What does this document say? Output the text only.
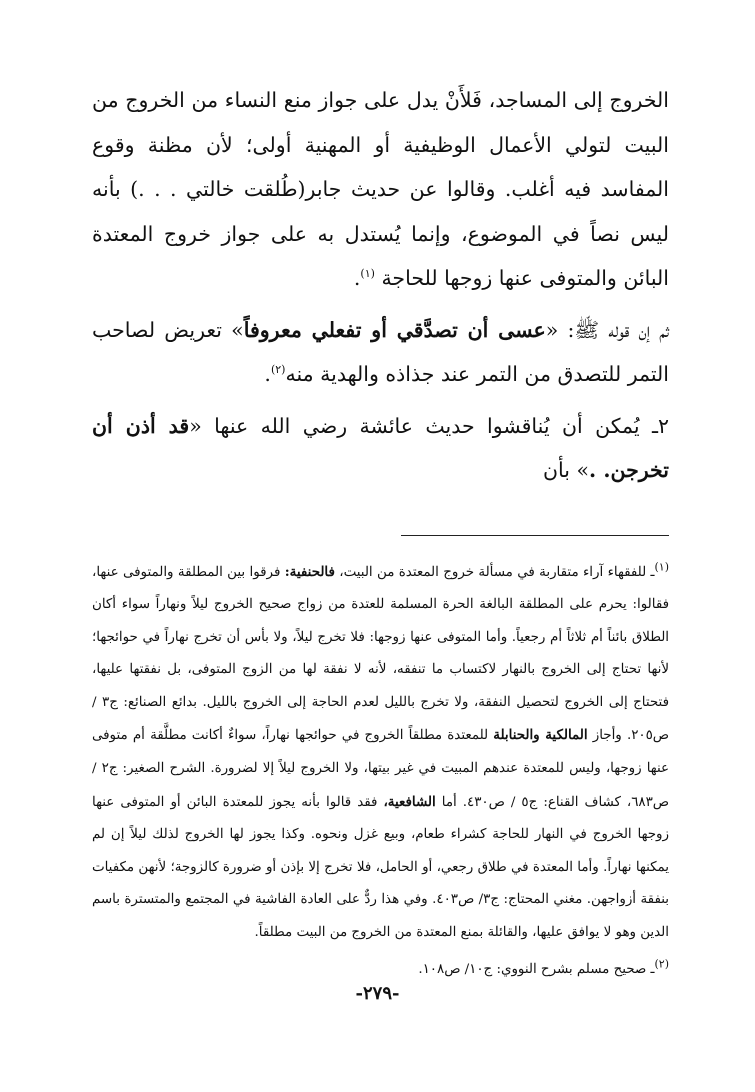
الخروج إلى المساجد، فَلأَنْ يدل على جواز منع النساء من الخروج من البيت لتولي الأعمال الوظيفية أو المهنية أولى؛ لأن مظنة وقوع المفاسد فيه أغلب. وقالوا عن حديث جابر(طُلقت خالتي . . .) بأنه ليس نصاً في الموضوع، وإنما يُستدل به على جواز خروج المعتدة البائن والمتوفى عنها زوجها للحاجة $^{(١)}$.

ثم إن قوله ﷺ: «عسى أن تصدَّقي أو تفعلي معروفاً» تعريض لصاحب التمر للتصدق من التمر عند جذاذه والهدية منه$^{(٢)}$.

٢ـ يُمكن أن يُناقشوا حديث عائشة رضي الله عنها «قد أذن أن تخرجن. .» بأن

$^{(١)}$ـ للفقهاء آراء متقاربة في مسألة خروج المعتدة من البيت، فالحنفية: فرقوا بين المطلقة والمتوفى عنها، فقالوا: يحرم على المطلقة البالغة الحرة المسلمة للعتدة من زواج صحيح الخروج ليلاً ونهاراً سواء أكان الطلاق بائناً أم ثلاثاً أم رجعياً. وأما المتوفى عنها زوجها: فلا تخرج ليلاً، ولا بأس أن تخرج نهاراً في حوائجها؛ لأنها تحتاج إلى الخروج بالنهار لاكتساب ما تنفقه، لأنه لا نفقة لها من الزوج المتوفى، بل نفقتها عليها، فتحتاج إلى الخروج لتحصيل النفقة، ولا تخرج بالليل لعدم الحاجة إلى الخروج بالليل. بدائع الصنائع: ج٣ / ص٢٠٥. وأجاز المالكية والحنابلة للمعتدة مطلقاً الخروج في حوائجها نهاراً، سواءٌ أكانت مطلَّقة أم متوفى عنها زوجها، وليس للمعتدة عندهم المبيت في غير بيتها، ولا الخروج ليلاً إلا لضرورة. الشرح الصغير: ج٢ / ص٦٨٣، كشاف القناع: ج٥ / ص٤٣٠. أما الشافعية، فقد قالوا بأنه يجوز للمعتدة البائن أو المتوفى عنها زوجها الخروج في النهار للحاجة كشراء طعام، وبيع غزل ونحوه. وكذا يجوز لها الخروج لذلك ليلاً إن لم يمكنها نهاراً. وأما المعتدة في طلاق رجعي، أو الحامل، فلا تخرج إلا بإذن أو ضرورة كالزوجة؛ لأنهن مكفيات بنفقة أزواجهن. مغني المحتاج: ج٣/ ص٤٠٣. وفي هذا ردٌّ على العادة الفاشية في المجتمع والمتسترة باسم الدين وهو لا يوافق عليها، والقائلة بمنع المعتدة من الخروج من البيت مطلقاً.

$^{(٢)}$ـ صحيح مسلم بشرح النووي: ج١٠/ ص١٠٨.

-٢٧٩-
